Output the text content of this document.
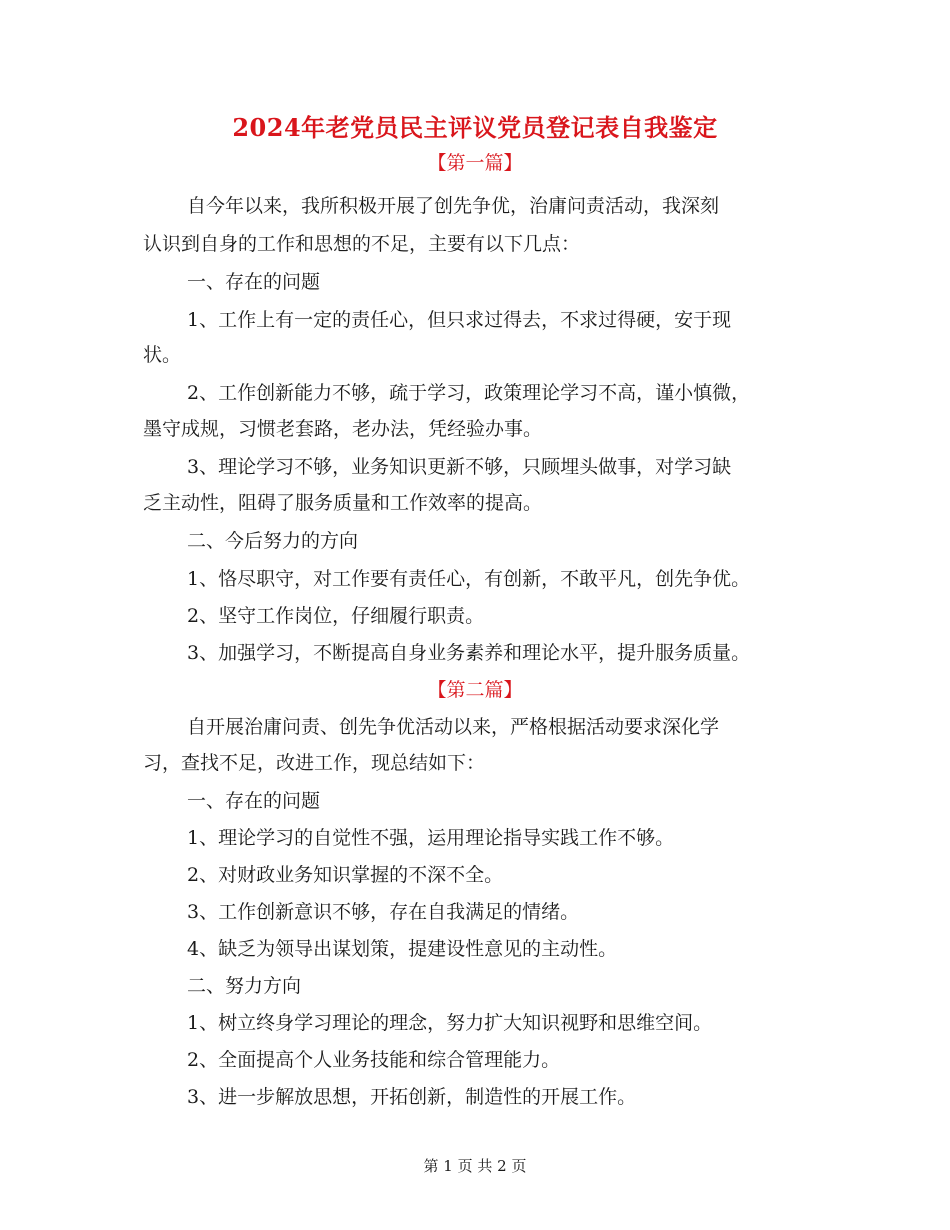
2024年老党员民主评议党员登记表自我鉴定
【第一篇】
自今年以来，我所积极开展了创先争优，治庸问责活动，我深刻
认识到自身的工作和思想的不足，主要有以下几点：
一、存在的问题
1、工作上有一定的责任心，但只求过得去，不求过得硬，安于现
状。
2、工作创新能力不够，疏于学习，政策理论学习不高，谨小慎微，
墨守成规，习惯老套路，老办法，凭经验办事。
3、理论学习不够，业务知识更新不够，只顾埋头做事，对学习缺
乏主动性，阻碍了服务质量和工作效率的提高。
二、今后努力的方向
1、恪尽职守，对工作要有责任心，有创新，不敢平凡，创先争优。
2、坚守工作岗位，仔细履行职责。
3、加强学习，不断提高自身业务素养和理论水平，提升服务质量。
【第二篇】
自开展治庸问责、创先争优活动以来，严格根据活动要求深化学
习，查找不足，改进工作，现总结如下：
一、存在的问题
1、理论学习的自觉性不强，运用理论指导实践工作不够。
2、对财政业务知识掌握的不深不全。
3、工作创新意识不够，存在自我满足的情绪。
4、缺乏为领导出谋划策，提建设性意见的主动性。
二、努力方向
1、树立终身学习理论的理念，努力扩大知识视野和思维空间。
2、全面提高个人业务技能和综合管理能力。
3、进一步解放思想，开拓创新，制造性的开展工作。
第 1 页 共 2 页
